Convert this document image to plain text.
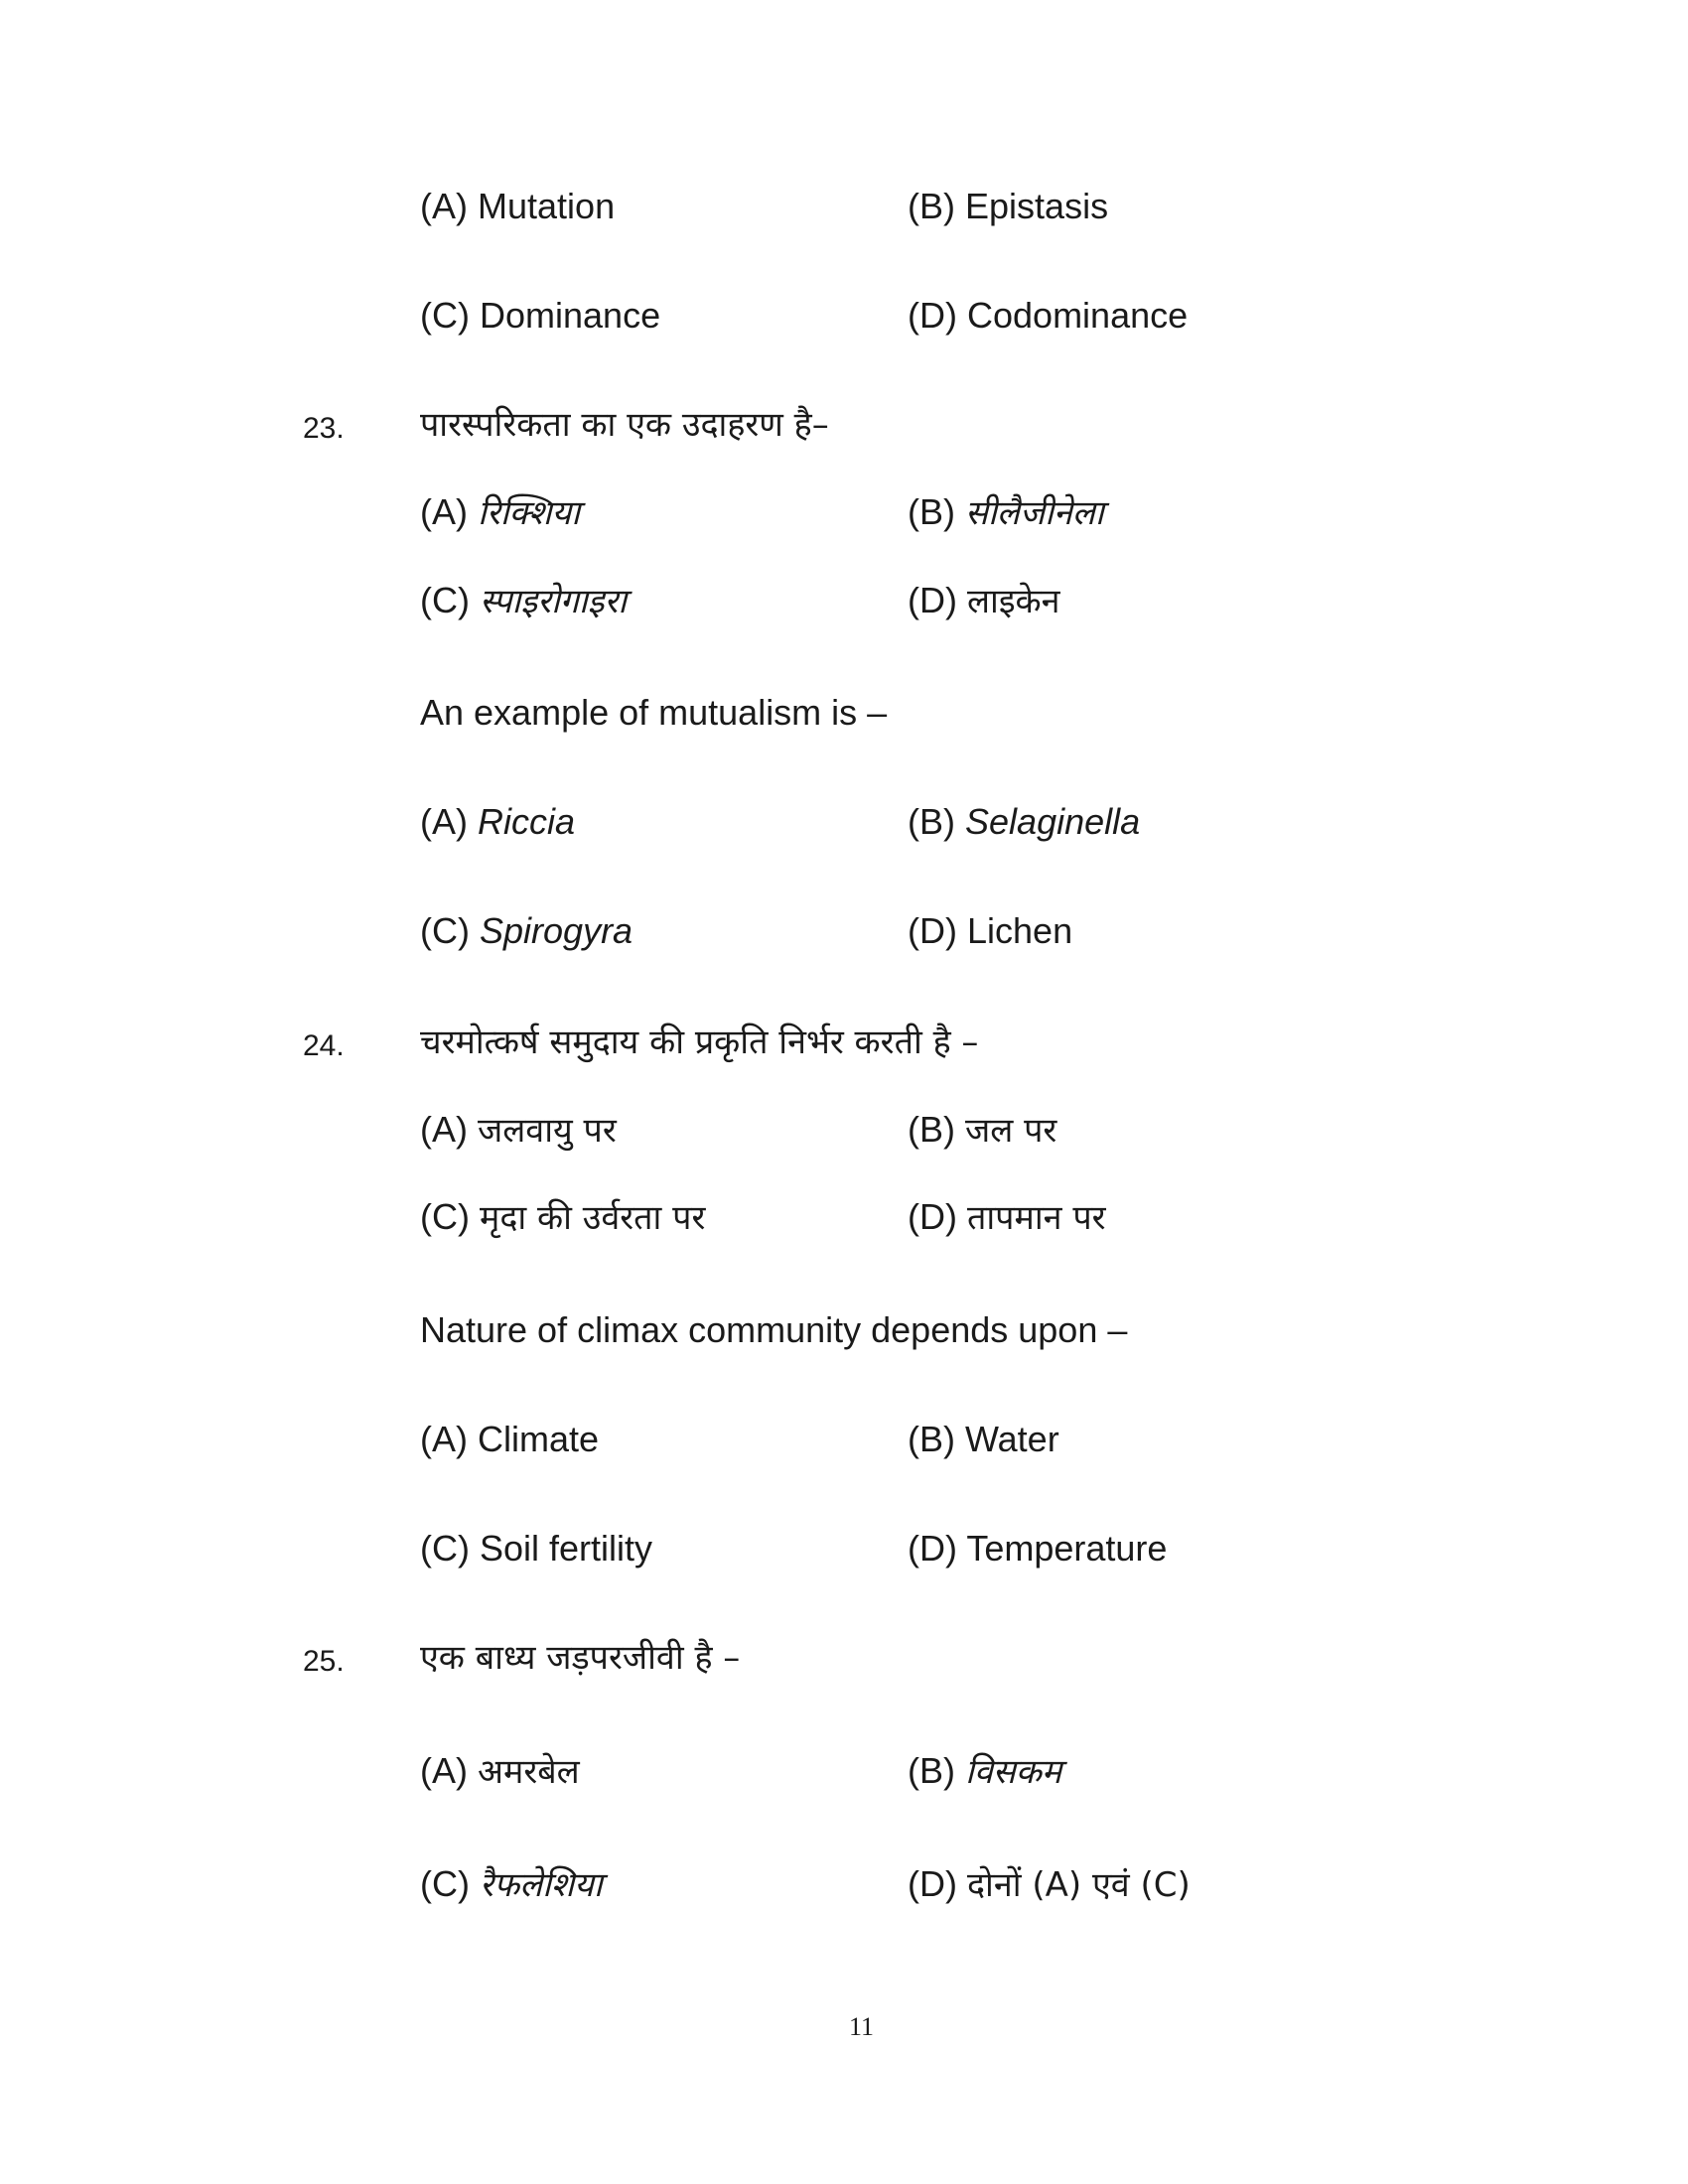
(A) Mutation	(B) Epistasis
(C) Dominance	(D) Codominance
23. पारस्परिकता का एक उदाहरण है–
(A) रिक्शिया	(B) सीलैजीनेला
(C) स्पाइरोगाइरा	(D) लाइकेन
An example of mutualism is –
(A) Riccia	(B) Selaginella
(C) Spirogyra	(D) Lichen
24. चरमोत्कर्ष समुदाय की प्रकृति निर्भर करती है –
(A) जलवायु पर	(B) जल पर
(C) मृदा की उर्वरता पर	(D) तापमान पर
Nature of climax community depends upon –
(A) Climate	(B) Water
(C) Soil fertility	(D) Temperature
25. एक बाध्य जड़परजीवी है –
(A) अमरबेल	(B) विसकम
(C) रैफलेशिया	(D) दोनों (A) एवं (C)
11
